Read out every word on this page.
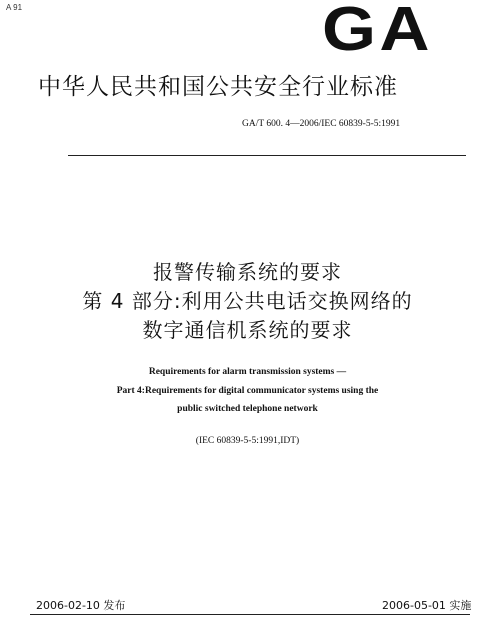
A 91	GA
中华人民共和国公共安全行业标准
GA/T 600. 4—2006/IEC 60839-5-5:1991
报警传输系统的要求
第 4 部分:利用公共电话交换网络的
数字通信机系统的要求
Requirements for alarm transmission systems —
Part 4:Requirements for digital communicator systems using the
public switched telephone network
(IEC 60839-5-5:1991,IDT)
2006-02-10 发布	2006-05-01 实施
